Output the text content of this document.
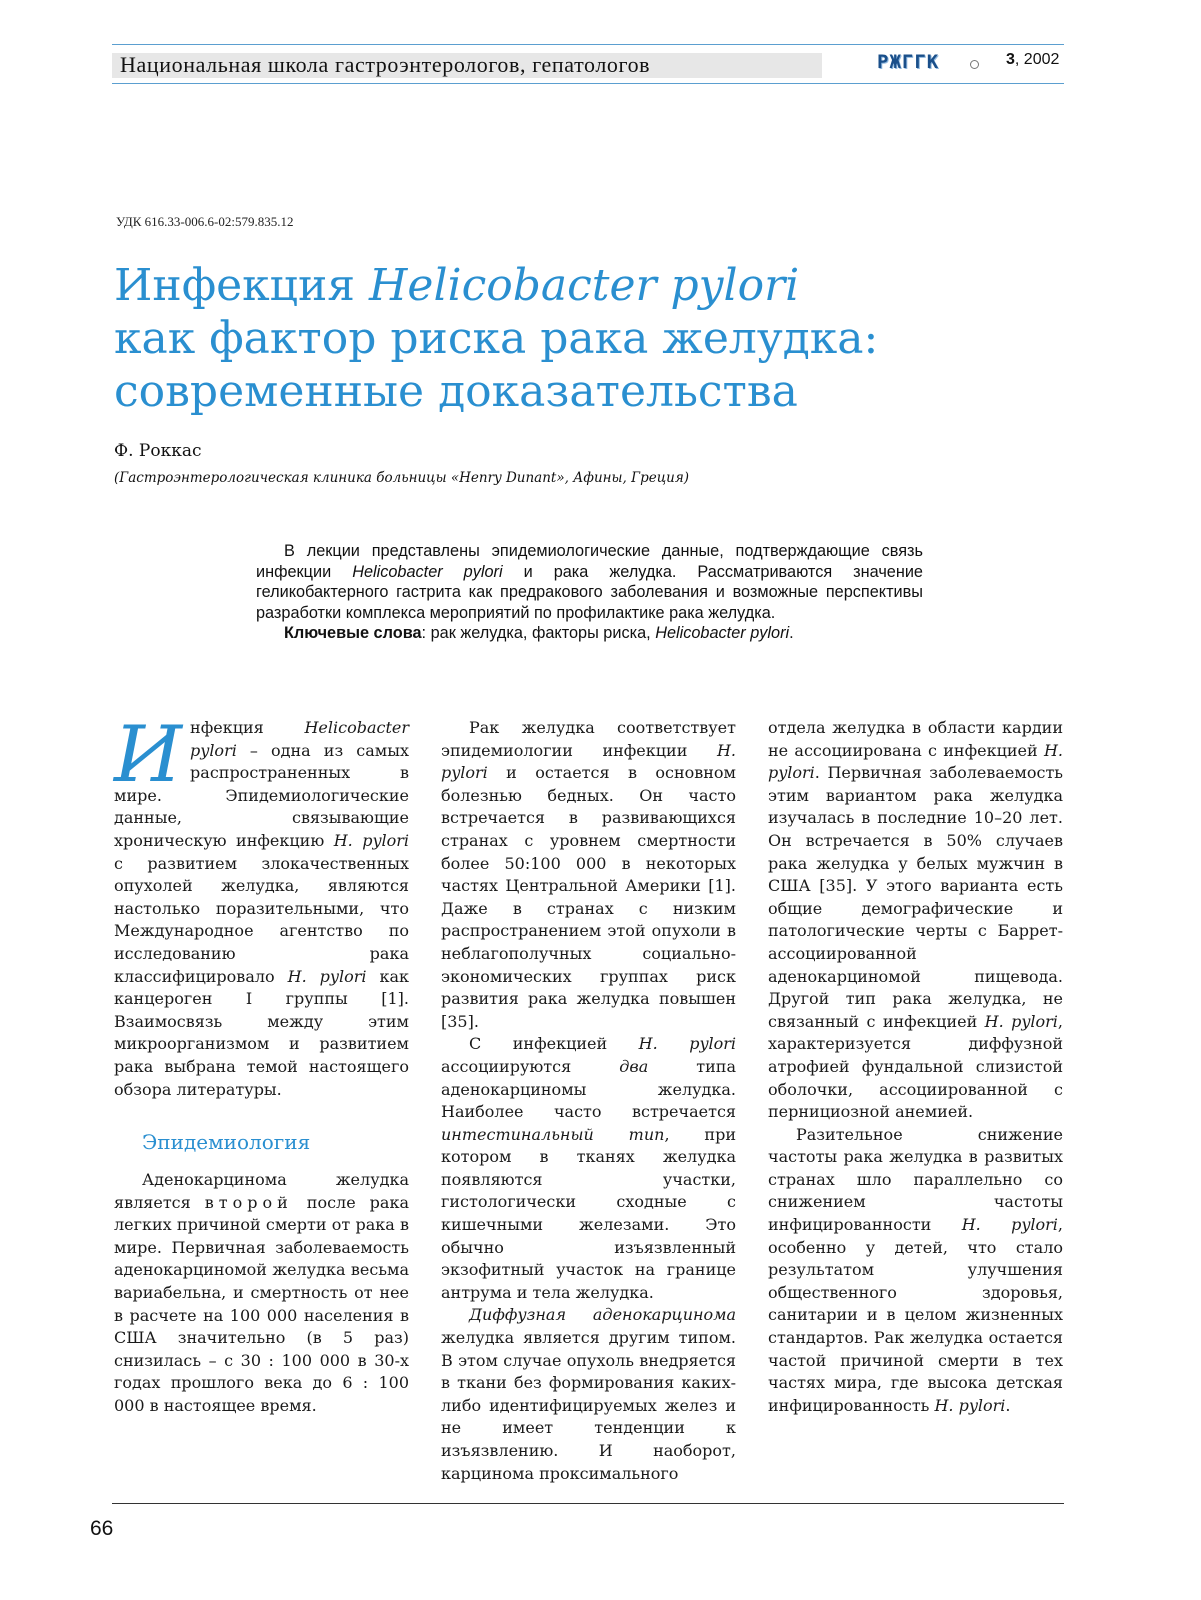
Национальная школа гастроэнтерологов, гепатологов	РЖГГК	3, 2002
УДК 616.33-006.6-02:579.835.12
Инфекция Helicobacter pylori
как фактор риска рака желудка:
современные доказательства
Ф. Роккас
(Гастроэнтерологическая клиника больницы «Henry Dunant», Афины, Греция)

В лекции представлены эпидемиологические данные, подтверждающие связь инфекции Helicobacter pylori и рака желудка. Рассматриваются значение геликобактерного гастрита как предракового заболевания и возможные перспективы разработки комплекса мероприятий по профилактике рака желудка.

Ключевые слова: рак желудка, факторы риска, Helicobacter pylori.

Инфекция Helicobacter pylori – одна из самых распространенных в мире. Эпидемиологические данные, связывающие хроническую инфекцию H. pylori с развитием злокачественных опухолей желудка, являются настолько поразительными, что Международное агентство по исследованию рака классифицировало H. pylori как канцероген I группы [1]. Взаимосвязь между этим микроорганизмом и развитием рака выбрана темой настоящего обзора литературы.

Эпидемиология

Аденокарцинома желудка является второй после рака легких причиной смерти от рака в мире. Первичная заболеваемость аденокарциномой желудка весьма вариабельна, и смертность от нее в расчете на 100 000 населения в США значительно (в 5 раз) снизилась – с 30 : 100 000 в 30-х годах прошлого века до 6 : 100 000 в настоящее время.

Рак желудка соответствует эпидемиологии инфекции H. pylori и остается в основном болезнью бедных. Он часто встречается в развивающихся странах с уровнем смертности более 50:100 000 в некоторых частях Центральной Америки [1]. Даже в странах с низким распространением этой опухоли в неблагополучных социально-экономических группах риск развития рака желудка повышен [35].

С инфекцией H. pylori ассоциируются два типа аденокарциномы желудка. Наиболее часто встречается интестинальный тип, при котором в тканях желудка появляются участки, гистологически сходные с кишечными железами. Это обычно изъязвленный экзофитный участок на границе антрума и тела желудка.

Диффузная аденокарцинома желудка является другим типом. В этом случае опухоль внедряется в ткани без формирования каких-либо идентифицируемых желез и не имеет тенденции к изъязвлению. И наоборот, карцинома проксимального

отдела желудка в области кардии не ассоциирована с инфекцией H. pylori. Первичная заболеваемость этим вариантом рака желудка изучалась в последние 10–20 лет. Он встречается в 50% случаев рака желудка у белых мужчин в США [35]. У этого варианта есть общие демографические и патологические черты с Баррет-ассоциированной аденокарциномой пищевода. Другой тип рака желудка, не связанный с инфекцией H. pylori, характеризуется диффузной атрофией фундальной слизистой оболочки, ассоциированной с пернициозной анемией.

Разительное снижение частоты рака желудка в развитых странах шло параллельно со снижением частоты инфицированности H. pylori, особенно у детей, что стало результатом улучшения общественного здоровья, санитарии и в целом жизненных стандартов. Рак желудка остается частой причиной смерти в тех частях мира, где высока детская инфицированность H. pylori.

66
